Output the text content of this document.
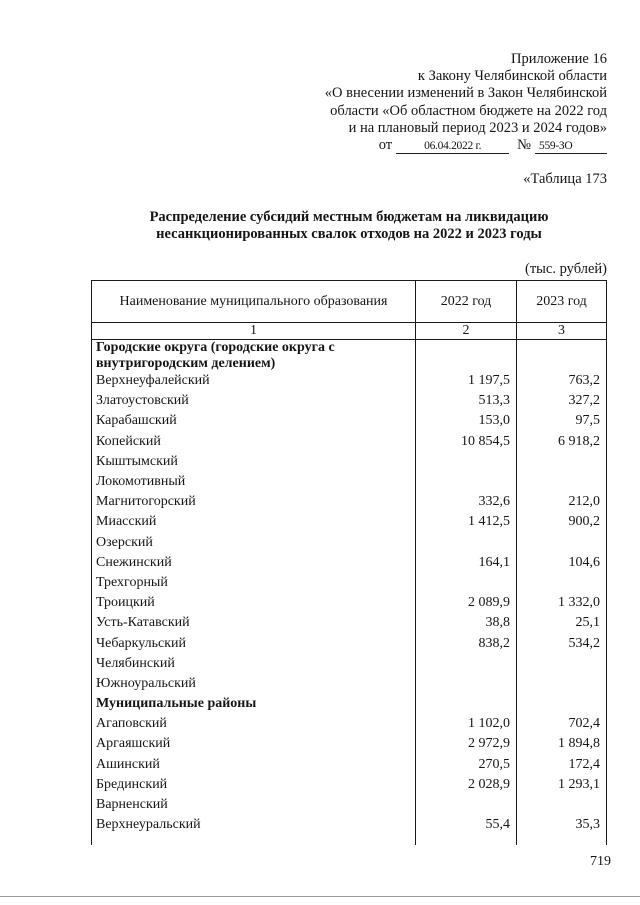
Приложение 16
к Закону Челябинской области
«О внесении изменений в Закон Челябинской
области «Об областном бюджете на 2022 год
и на плановый период 2023 и 2024 годов»
от	06.04.2022 г.	№ 559-ЗО
«Таблица 173
Распределение субсидий местным бюджетам на ликвидацию
несанкционированных свалок отходов на 2022 и 2023 годы
(тыс. рублей)
Наименование муниципального образования	2022 год	2023 год
1	2	3
Городские округа (городские округа с внутригородским делением)
Верхнеуфалейский	1 197,5	763,2
Златоустовский	513,3	327,2
Карабашский	153,0	97,5
Копейский	10 854,5	6 918,2
Кыштымский
Локомотивный
Магнитогорский	332,6	212,0
Миасский	1 412,5	900,2
Озерский
Снежинский	164,1	104,6
Трехгорный
Троицкий	2 089,9	1 332,0
Усть-Катавский	38,8	25,1
Чебаркульский	838,2	534,2
Челябинский
Южноуральский
Муниципальные районы
Агаповский	1 102,0	702,4
Аргаяшский	2 972,9	1 894,8
Ашинский	270,5	172,4
Брединский	2 028,9	1 293,1
Варненский
Верхнеуральский	55,4	35,3
719
